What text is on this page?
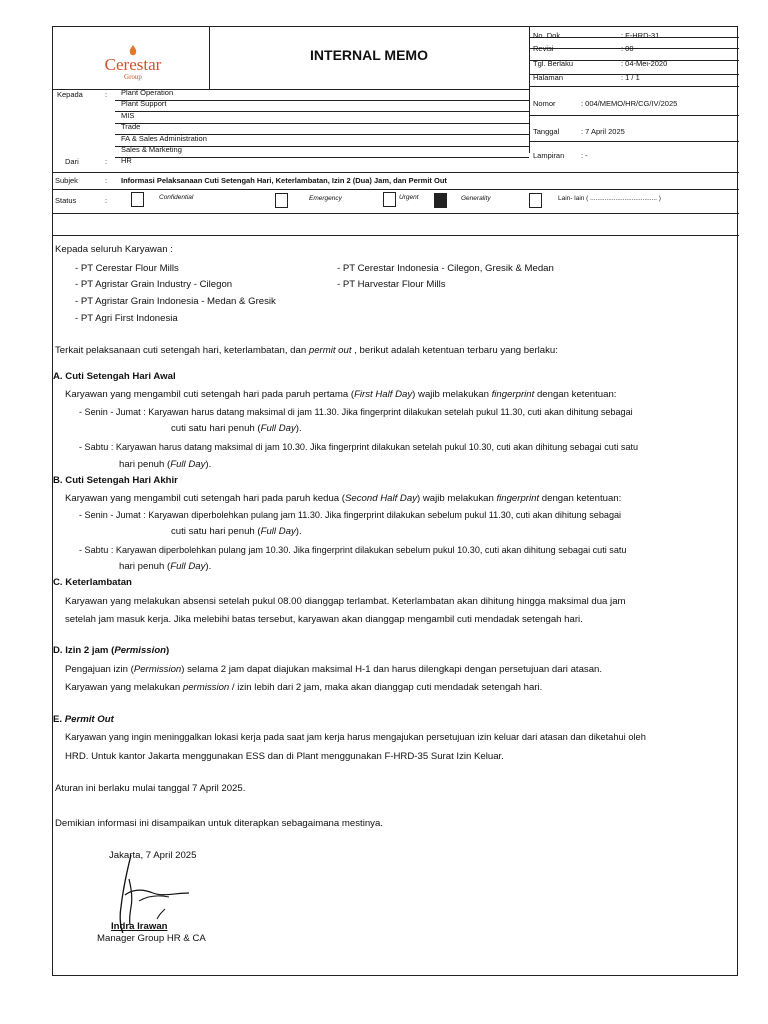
Cerestar
Group
INTERNAL MEMO
No. Dok	: F-HRD-31
Revisi	: 00
Tgl. Berlaku	: 04-Mei-2020
Halaman	: 1 / 1
Kepada	: Plant Operation
Plant Support
MIS
Trade
FA & Sales Administration
Sales & Marketing
Dari	: HR
Nomor	: 004/MEMO/HR/CG/IV/2025
Tanggal	: 7 April 2025
Lampiran : -
Subjek	: Informasi Pelaksanaan Cuti Setengah Hari, Keterlambatan, Izin 2 (Dua) Jam, dan Permit Out
Status	:	Confidential	Emergency	Urgent	Generality	Lain- lain ( ..................................... )
Kepada seluruh Karyawan :
- PT Cerestar Flour Mills
- PT Agristar Grain Industry - Cilegon
- PT Agristar Grain Indonesia - Medan & Gresik
- PT Agri First Indonesia
- PT Cerestar Indonesia - Cilegon, Gresik & Medan
- PT Harvestar Flour Mills
Terkait pelaksanaan cuti setengah hari, keterlambatan, dan permit out , berikut adalah ketentuan terbaru yang berlaku:
A. Cuti Setengah Hari Awal
Karyawan yang mengambil cuti setengah hari pada paruh pertama (First Half Day) wajib melakukan fingerprint dengan ketentuan:
- Senin - Jumat : Karyawan harus datang maksimal di jam 11.30. Jika fingerprint dilakukan setelah pukul 11.30, cuti akan dihitung sebagai
cuti satu hari penuh (Full Day).
- Sabtu : Karyawan harus datang maksimal di jam 10.30. Jika fingerprint dilakukan setelah pukul 10.30, cuti akan dihitung sebagai cuti satu
hari penuh (Full Day).
B. Cuti Setengah Hari Akhir
Karyawan yang mengambil cuti setengah hari pada paruh kedua (Second Half Day) wajib melakukan fingerprint dengan ketentuan:
- Senin - Jumat : Karyawan diperbolehkan pulang jam 11.30. Jika fingerprint dilakukan sebelum pukul 11.30, cuti akan dihitung sebagai
cuti satu hari penuh (Full Day).
- Sabtu : Karyawan diperbolehkan pulang jam 10.30. Jika fingerprint dilakukan sebelum pukul 10.30, cuti akan dihitung sebagai cuti satu
hari penuh (Full Day).
C. Keterlambatan
Karyawan yang melakukan absensi setelah pukul 08.00 dianggap terlambat. Keterlambatan akan dihitung hingga maksimal dua jam
setelah jam masuk kerja. Jika melebihi batas tersebut, karyawan akan dianggap mengambil cuti mendadak setengah hari.
D. Izin 2 jam (Permission)
Pengajuan izin (Permission) selama 2 jam dapat diajukan maksimal H-1 dan harus dilengkapi dengan persetujuan dari atasan.
Karyawan yang melakukan permission / izin lebih dari 2 jam, maka akan dianggap cuti mendadak setengah hari.
E. Permit Out
Karyawan yang ingin meninggalkan lokasi kerja pada saat jam kerja harus mengajukan persetujuan izin keluar dari atasan dan diketahui oleh
HRD. Untuk kantor Jakarta menggunakan ESS dan di Plant menggunakan F-HRD-35 Surat Izin Keluar.
Aturan ini berlaku mulai tanggal 7 April 2025.
Demikian informasi ini disampaikan untuk diterapkan sebagaimana mestinya.
Jakarta, 7 April 2025
Indra Irawan
Manager Group HR & CA
